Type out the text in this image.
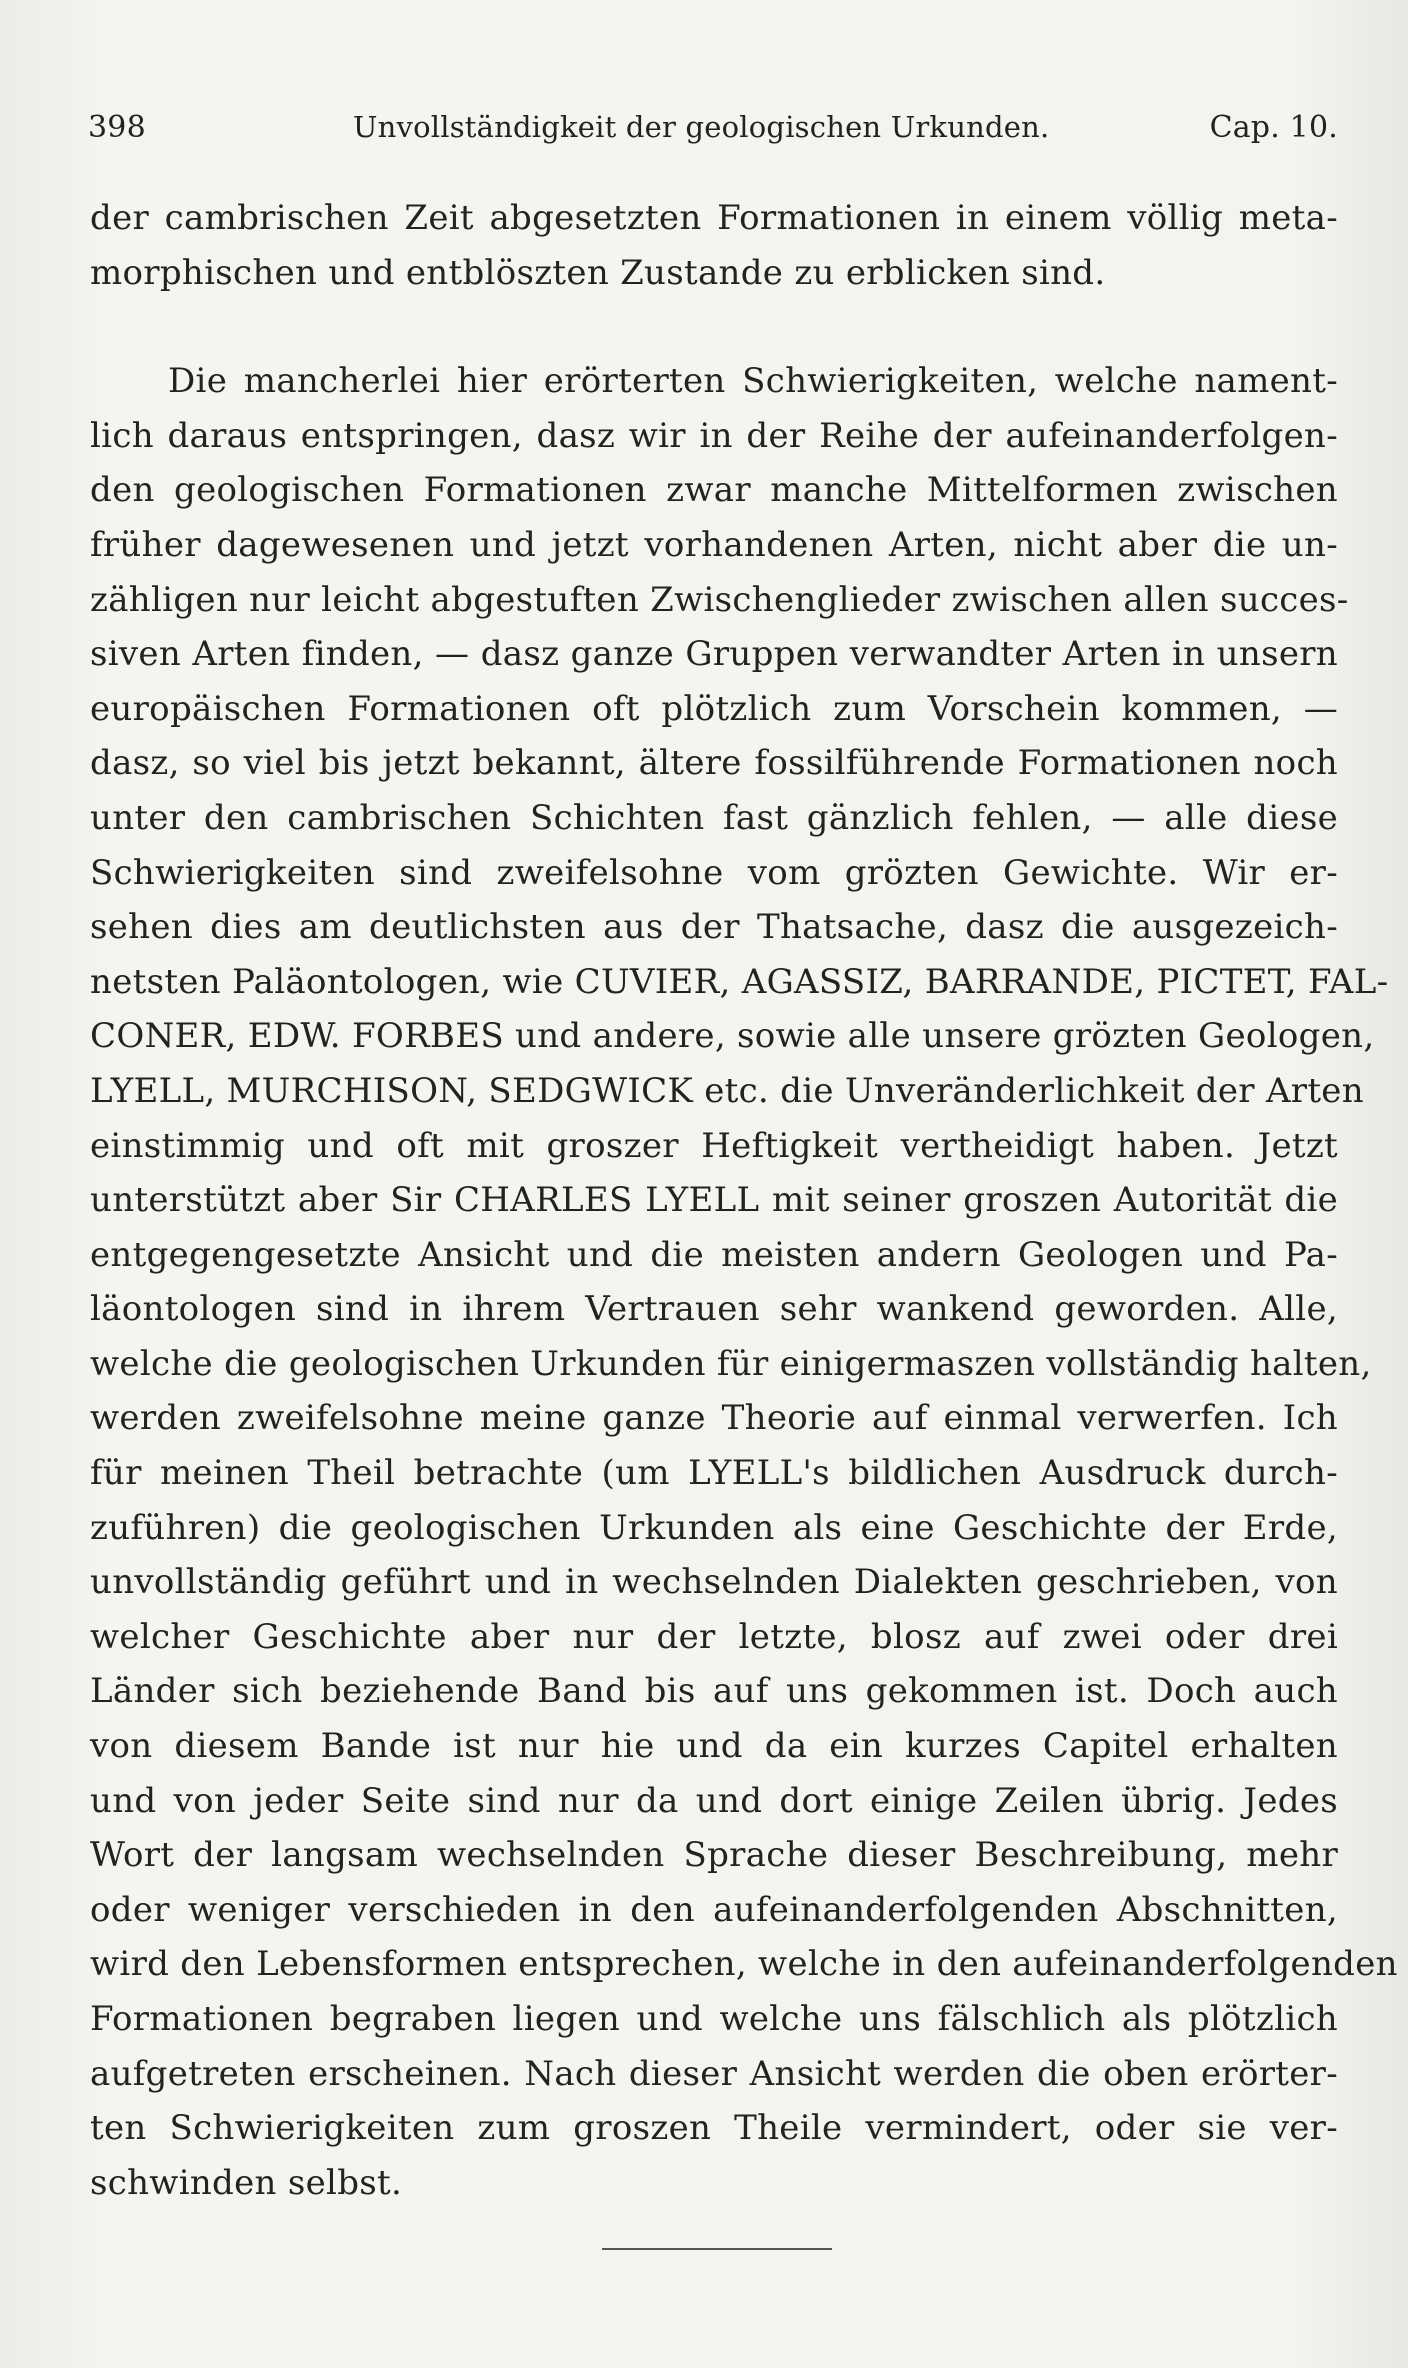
398	Unvollständigkeit der geologischen Urkunden.	Cap. 10.
der cambrischen Zeit abgesetzten Formationen in einem völlig meta-
morphischen und entblöszten Zustande zu erblicken sind.
Die mancherlei hier erörterten Schwierigkeiten, welche nament-
lich daraus entspringen, dasz wir in der Reihe der aufeinanderfolgen-
den geologischen Formationen zwar manche Mittelformen zwischen
früher dagewesenen und jetzt vorhandenen Arten, nicht aber die un-
zähligen nur leicht abgestuften Zwischenglieder zwischen allen succes-
siven Arten finden, — dasz ganze Gruppen verwandter Arten in unsern
europäischen Formationen oft plötzlich zum Vorschein kommen, —
dasz, so viel bis jetzt bekannt, ältere fossilführende Formationen noch
unter den cambrischen Schichten fast gänzlich fehlen, — alle diese
Schwierigkeiten sind zweifelsohne vom grözten Gewichte. Wir er-
sehen dies am deutlichsten aus der Thatsache, dasz die ausgezeich-
netsten Paläontologen, wie CUVIER, AGASSIZ, BARRANDE, PICTET, FAL-
CONER, EDW. FORBES und andere, sowie alle unsere grözten Geologen,
LYELL, MURCHISON, SEDGWICK etc. die Unveränderlichkeit der Arten
einstimmig und oft mit groszer Heftigkeit vertheidigt haben. Jetzt
unterstützt aber Sir CHARLES LYELL mit seiner groszen Autorität die
entgegengesetzte Ansicht und die meisten andern Geologen und Pa-
läontologen sind in ihrem Vertrauen sehr wankend geworden. Alle,
welche die geologischen Urkunden für einigermaszen vollständig halten,
werden zweifelsohne meine ganze Theorie auf einmal verwerfen. Ich
für meinen Theil betrachte (um LYELL's bildlichen Ausdruck durch-
zuführen) die geologischen Urkunden als eine Geschichte der Erde,
unvollständig geführt und in wechselnden Dialekten geschrieben, von
welcher Geschichte aber nur der letzte, blosz auf zwei oder drei
Länder sich beziehende Band bis auf uns gekommen ist. Doch auch
von diesem Bande ist nur hie und da ein kurzes Capitel erhalten
und von jeder Seite sind nur da und dort einige Zeilen übrig. Jedes
Wort der langsam wechselnden Sprache dieser Beschreibung, mehr
oder weniger verschieden in den aufeinanderfolgenden Abschnitten,
wird den Lebensformen entsprechen, welche in den aufeinanderfolgenden
Formationen begraben liegen und welche uns fälschlich als plötzlich
aufgetreten erscheinen. Nach dieser Ansicht werden die oben erörter-
ten Schwierigkeiten zum groszen Theile vermindert, oder sie ver-
schwinden selbst.
